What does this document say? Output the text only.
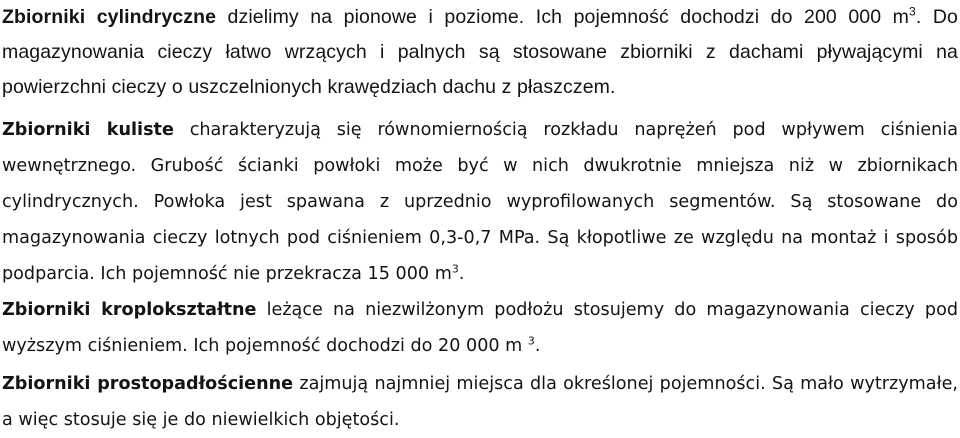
Zbiorniki cylindryczne dzielimy na pionowe i poziome. Ich pojemność dochodzi do 200 000 $m^3$. Do magazynowania cieczy łatwo wrzących i palnych są stosowane zbiorniki z dachami pływającymi na powierzchni cieczy o uszczelnionych krawędziach dachu z płaszczem.

Zbiorniki kuliste charakteryzują się równomiernością rozkładu naprężeń pod wpływem ciśnienia wewnętrznego. Grubość ścianki powłoki może być w nich dwukrotnie mniejsza niż w zbiornikach cylindrycznych. Powłoka jest spawana z uprzednio wyprofilowanych segmentów. Są stosowane do magazynowania cieczy lotnych pod ciśnieniem 0,3-0,7 MPa. Są kłopotliwe ze względu na montaż i sposób podparcia. Ich pojemność nie przekracza 15 000 $m^3$.

Zbiorniki kroplokształtne leżące na niezwilżonym podłożu stosujemy do magazynowania cieczy pod wyższym ciśnieniem. Ich pojemność dochodzi do 20 000 m $^3$.

Zbiorniki prostopadłościenne zajmują najmniej miejsca dla określonej pojemności. Są mało wytrzymałe, a więc stosuje się je do niewielkich objętości.
